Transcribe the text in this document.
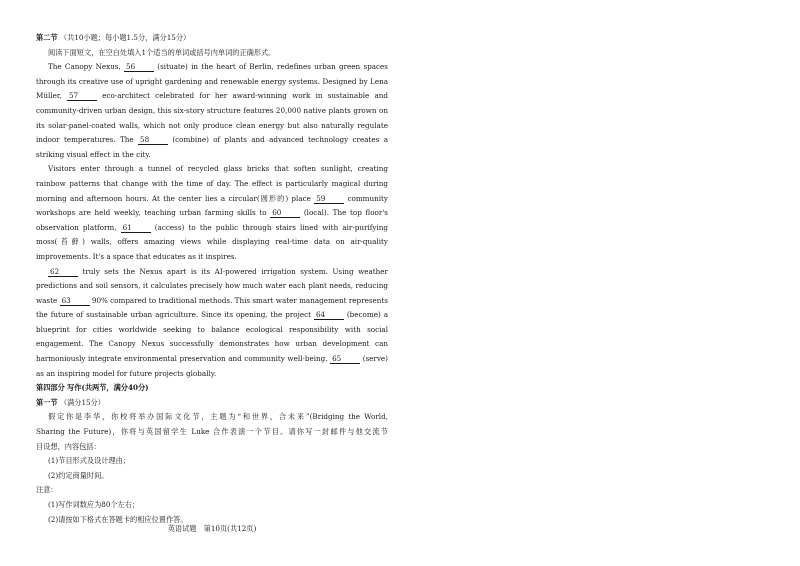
第二节 （共10小题；每小题1.5分，满分15分）
阅读下面短文，在空白处填入1个适当的单词或括号内单词的正确形式。
The Canopy Nexus, 56	(situate) in the heart of Berlin, redefines urban green spaces
through its creative use of upright gardening and renewable energy systems. Designed by Lena
Müller, 57	eco-architect celebrated for her award-winning work in sustainable and
community-driven urban design, this six-story structure features 20,000 native plants grown on
its solar-panel-coated walls, which not only produce clean energy but also naturally regulate
indoor temperatures. The 58	(combine) of plants and advanced technology creates a
striking visual effect in the city.
Visitors enter through a tunnel of recycled glass bricks that soften sunlight, creating
rainbow patterns that change with the time of day. The effect is particularly magical during
morning and afternoon hours. At the center lies a circular(圆形的) place 59	community
workshops are held weekly, teaching urban farming skills to 60	(local). The top floor's
observation platform, 61	(access) to the public through stairs lined with air-purifying
moss(苔藓) walls, offers amazing views while displaying real-time data on air-quality
improvements. It's a space that educates as it inspires.
62	truly sets the Nexus apart is its AI-powered irrigation system. Using weather
predictions and soil sensors, it calculates precisely how much water each plant needs, reducing
waste 63	90% compared to traditional methods. This smart water management represents
the future of sustainable urban agriculture. Since its opening, the project 64	(become) a
blueprint for cities worldwide seeking to balance ecological responsibility with social
engagement. The Canopy Nexus successfully demonstrates how urban development can
harmoniously integrate environmental preservation and community well-being. 65	(serve)
as an inspiring model for future projects globally.
第四部分 写作(共两节，满分40分)
第一节 （满分15分）
假定你是李华，你校将举办国际文化节，主题为“和世界，合未来”(Bridging the World,
Sharing the Future)，你将与英国留学生 Luke 合作表演一个节目。请你写一封邮件与他交流节
目设想，内容包括：
(1)节目形式及设计理由；
(2)约定商量时间。
注意：
(1)写作词数应为80个左右；
(2)请按如下格式在答题卡的相应位置作答。
英语试题　第10页(共12页)
